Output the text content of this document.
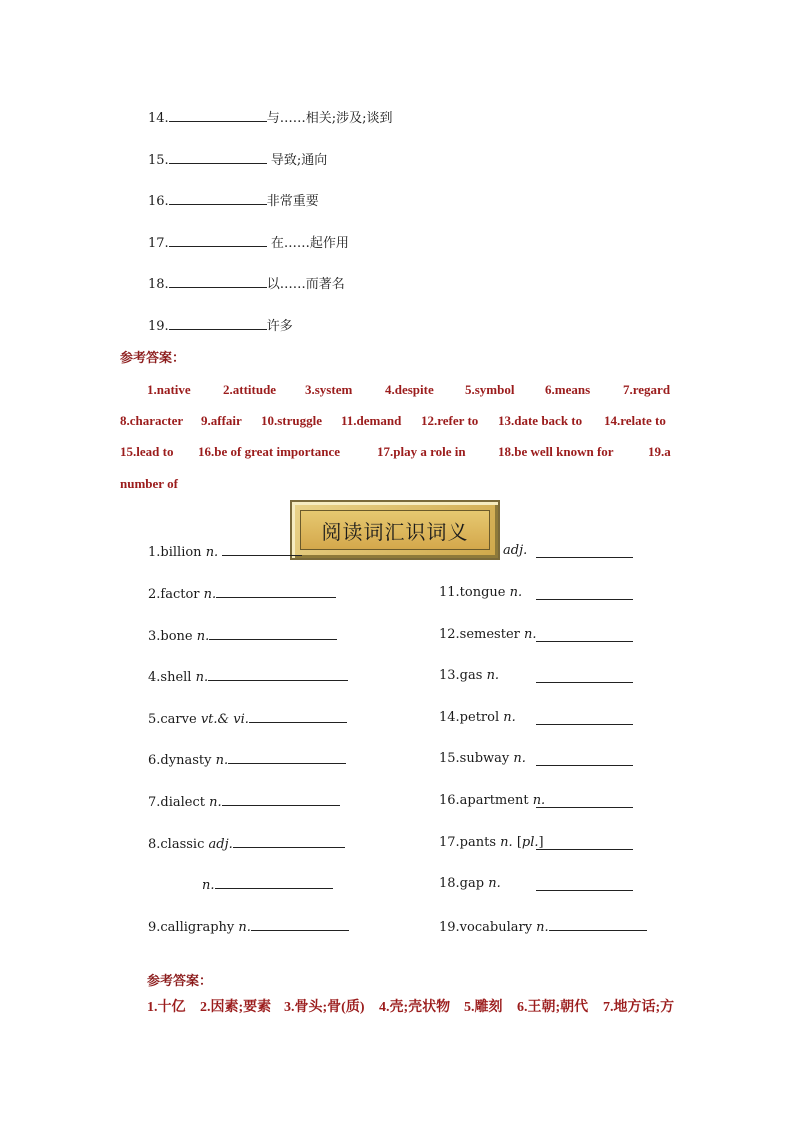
14.	与……相关;涉及;谈到
15.	导致;通向
16.	非常重要
17.	在……起作用
18.	以……而著名
19.	许多
参考答案：
1.native 2.attitude 3.system	4.despite 5.symbol 6.means	7.regard
8.character 9.affair 10.struggle 11.demand 12.refer to 13.date back to 14.relate to
15.lead to 16.be of great importance	17.play a role in 18.be well known for	19.a
number of
阅读词汇识词义
1.billion n.
2.factor n.
3.bone n.
4.shell n.
5.carve vt.& vi.
6.dynasty n.
7.dialect n.
8.classic adj.
n.
9.calligraphy n.
adj.
11.tongue n.
12.semester n.
13.gas n.
14.petrol n.
15.subway n.
16.apartment n.
17.pants n. [pl.]
18.gap n.
19.vocabulary n.
参考答案：
1.十亿 2.因素;要素 3.骨头;骨(质) 4.壳;壳状物 5.雕刻 6.王朝;朝代 7.地方话;方
